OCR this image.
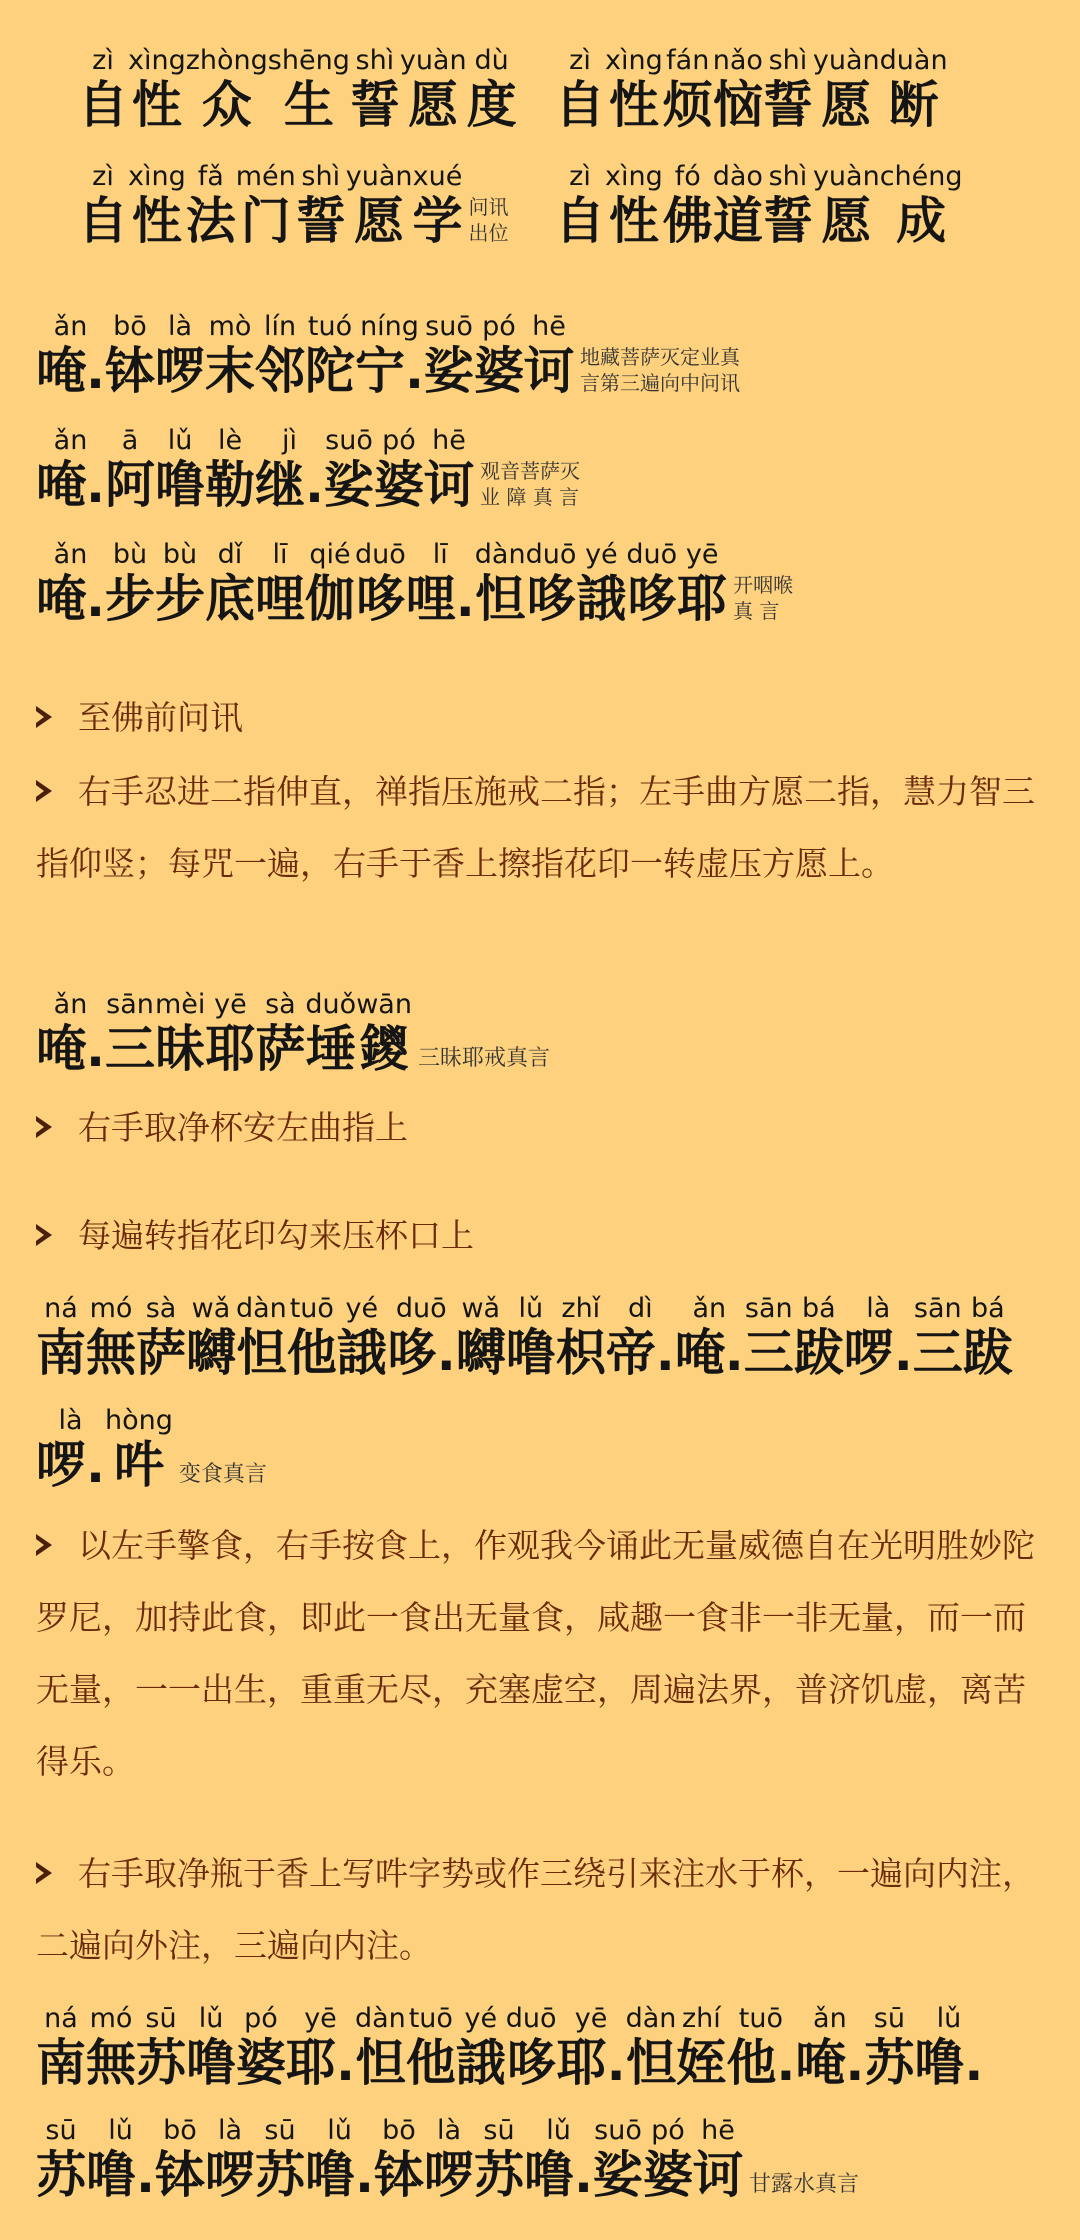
zì
自
xìng
性
zhòng
众
shēng
生
shì
誓
yuàn
愿
dù
度
zì
自
xìng
性
fán
烦
nǎo
恼
shì
誓
yuàn
愿
duàn
断
zì
自
xìng
性
fǎ
法
mén
门
shì
誓
yuàn
愿
xué
学 问讯
出位
zì
自
xìng
性
fó
佛
dào
道
shì
誓
yuàn
愿
chéng
成
ǎn
唵.
bō
钵
là
啰
mò
末
lín
邻
tuó
陀
níng
宁.
suō
娑
pó
婆
hē
诃 地藏菩萨灭定业真
言第三遍向中问讯
ǎn
唵.
ā
阿
lǔ
噜
lè
勒
jì
继.
suō
娑
pó
婆
hē
诃 观音菩萨灭
业 障 真 言
ǎn
唵.
bù
步
bù
步
dǐ
底
lī
哩
qié
伽
duō
哆
lī
哩.
dàn
怛
duō
哆
yé
誐
duō
哆
yē
耶 开咽喉
真 言
至佛前问讯
右手忍进二指伸直，禅指压施戒二指；左手曲方愿二指，慧力智三指仰竖；每咒一遍，右手于香上擦指花印一转虚压方愿上。
ǎn
唵.
sān
三
mèi
昧
yē
耶
sà
萨
duǒ
埵
wān
鑁 三昧耶戒真言
右手取净杯安左曲指上
每遍转指花印勾来压杯口上
ná
南
mó
無
sà
萨
wǎ
嚩
dàn
怛
tuō
他
yé
誐
duō
哆.
wǎ
嚩
lǔ
噜
zhǐ
枳
dì
帝.
ǎn
唵.
sān
三
bá
跋
là
啰.
sān
三
bá
跋
là
啰.
hòng
吽 变食真言
以左手擎食，右手按食上，作观我今诵此无量威德自在光明胜妙陀罗尼，加持此食，即此一食出无量食，咸趣一食非一非无量，而一而无量，一一出生，重重无尽，充塞虚空，周遍法界，普济饥虚，离苦得乐。
右手取净瓶于香上写吽字势或作三绕引来注水于杯，一遍向内注，二遍向外注，三遍向内注。
ná
南
mó
無
sū
苏
lǔ
噜
pó
婆
yē
耶.
dàn
怛
tuō
他
yé
誐
duō
哆
yē
耶.
dàn
怛
zhí
姪
tuō
他.
ǎn
唵.
sū
苏
lǔ
噜.
sū
苏
lǔ
噜.
bō
钵
là
啰
sū
苏
lǔ
噜.
bō
钵
là
啰
sū
苏
lǔ
噜.
suō
娑
pó
婆
hē
诃 甘露水真言
